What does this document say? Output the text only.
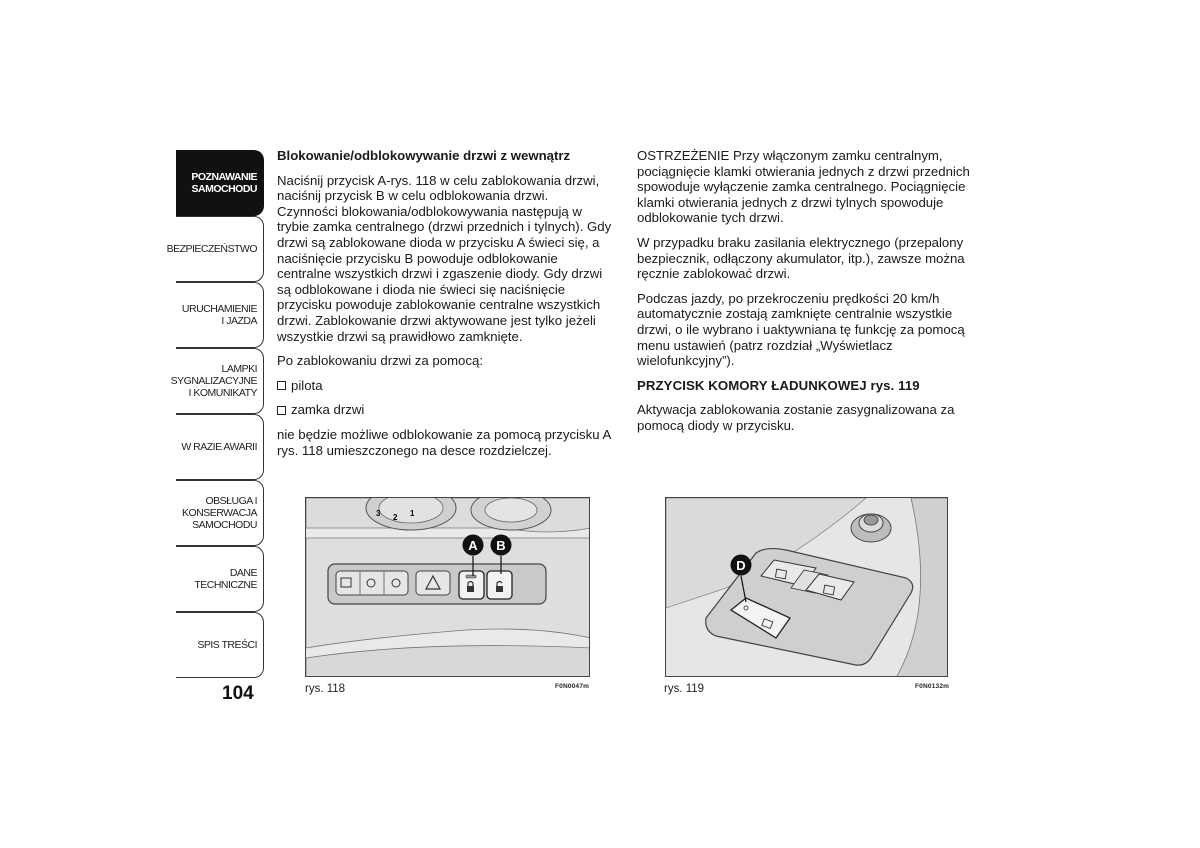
POZNAWANIE
SAMOCHODU
BEZPIECZEŃSTWO
URUCHAMIENIE
I JAZDA
LAMPKI
SYGNALIZACYJNE
I KOMUNIKATY
W RAZIE AWARII
OBSŁUGA I
KONSERWACJA
SAMOCHODU
DANE TECHNICZNE
SPIS TREŚCI
104
Blokowanie/odblokowywanie drzwi z wewnątrz

Naciśnij przycisk A-rys. 118 w celu zablokowania drzwi, naciśnij przycisk B w celu odblokowania drzwi. Czynności blokowania/odblokowywania następują w trybie zamka centralnego (drzwi przednich i tylnych). Gdy drzwi są zablokowane dioda w przycisku A świeci się, a naciśnięcie przycisku B powoduje odblokowanie centralne wszystkich drzwi i zgaszenie diody. Gdy drzwi są odblokowane i dioda nie świeci się naciśnięcie przycisku powoduje zablokowanie centralne wszystkich drzwi. Zablokowanie drzwi aktywowane jest tylko jeżeli wszystkie drzwi są prawidłowo zamknięte.

Po zablokowaniu drzwi za pomocą:

pilota
zamka drzwi

nie będzie możliwe odblokowanie za pomocą przycisku A rys. 118 umieszczonego na desce rozdzielczej.

OSTRZEŻENIE Przy włączonym zamku centralnym, pociągnięcie klamki otwierania jednych z drzwi przednich spowoduje wyłączenie zamka centralnego. Pociągnięcie klamki otwierania jednych z drzwi tylnych spowoduje odblokowanie tych drzwi.

W przypadku braku zasilania elektrycznego (przepalony bezpiecznik, odłączony akumulator, itp.), zawsze można ręcznie zablokować drzwi.

Podczas jazdy, po przekroczeniu prędkości 20 km/h automatycznie zostają zamknięte centralnie wszystkie drzwi, o ile wybrano i uaktywniana tę funkcję za pomocą menu ustawień (patrz rozdział „Wyświetlacz wielofunkcyjny”).

PRZYCISK KOMORY ŁADUNKOWEJ rys. 119

Aktywacja zablokowania zostanie zasygnalizowana za pomocą diody w przycisku.

3 2 1
A B
rys. 118	F0N0047m
D
rys. 119	F0N0132m
